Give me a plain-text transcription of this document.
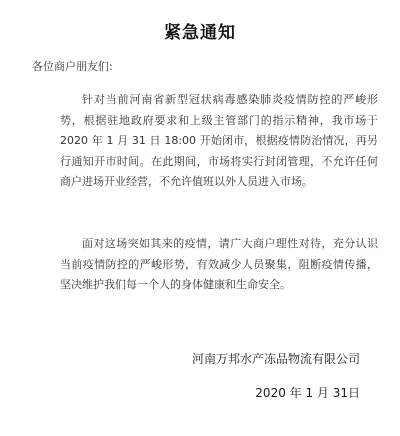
紧急通知
各位商户朋友们:

针对当前河南省新型冠状病毒感染肺炎疫情防控的严峻形势，根据驻地政府要求和上级主管部门的指示精神，我市场于 2020 年 1 月 31 日 18:00 开始闭市，根据疫情防治情况，再另行通知开市时间。在此期间，市场将实行封闭管理，不允许任何商户进场开业经营，不允许值班以外人员进入市场。

面对这场突如其来的疫情，请广大商户理性对待，充分认识当前疫情防控的严峻形势，有效减少人员聚集，阻断疫情传播，坚决维护我们每一个人的身体健康和生命安全。

河南万邦水产冻品物流有限公司
2020 年 1 月 31日
